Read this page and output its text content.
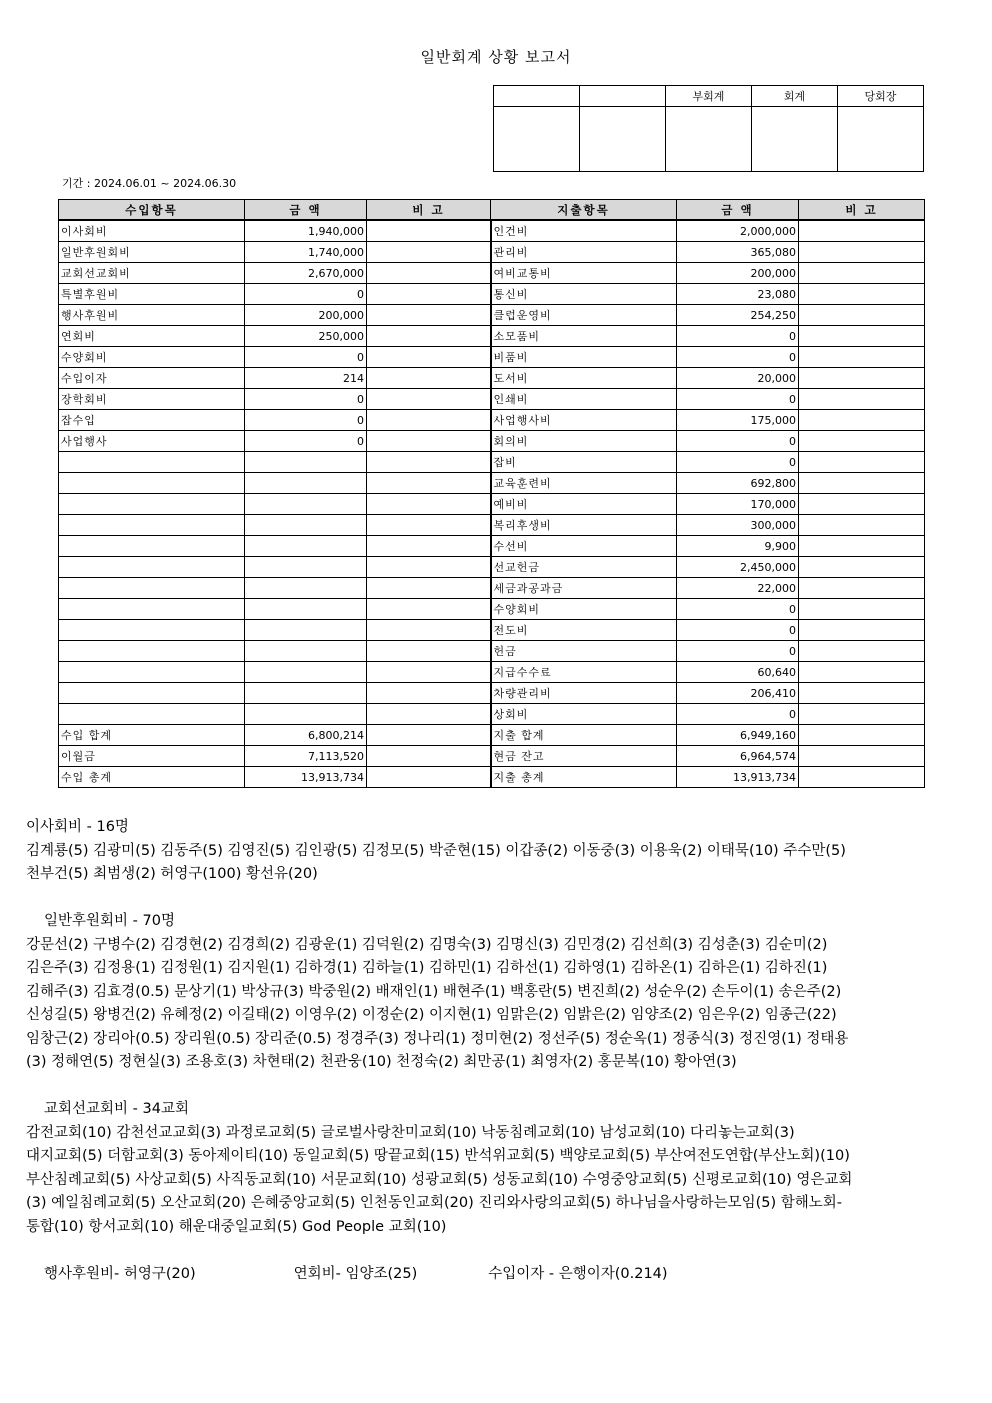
일반회계 상황 보고서
		부회계	회계	당회장

기간 : 2024.06.01 ~ 2024.06.30
수입항목	금 액	비 고	지출항목	금 액	비 고
이사회비	1,940,000		인건비	2,000,000	
일반후원회비	1,740,000		관리비	365,080	
교회선교회비	2,670,000		여비교통비	200,000	
특별후원비	0		통신비	23,080	
행사후원비	200,000		클럽운영비	254,250	
연회비	250,000		소모품비	0	
수양회비	0		비품비	0	
수입이자	214		도서비	20,000	
장학회비	0		인쇄비	0	
잡수입	0		사업행사비	175,000	
사업행사	0		회의비	0	
			잡비	0	
			교육훈련비	692,800	
			예비비	170,000	
			복리후생비	300,000	
			수선비	9,900	
			선교헌금	2,450,000	
			세금과공과금	22,000	
			수양회비	0	
			전도비	0	
			헌금	0	
			지급수수료	60,640	
			차량관리비	206,410	
			상회비	0	
수입 합계	6,800,214		지출 합계	6,949,160	
이월금	7,113,520		현금 잔고	6,964,574	
수입 총계	13,913,734		지출 총계	13,913,734	

이사회비 - 16명

김계룡(5) 김광미(5) 김동주(5) 김영진(5) 김인광(5) 김정모(5) 박준현(15) 이갑종(2) 이동중(3) 이용욱(2) 이태묵(10) 주수만(5)

천부건(5) 최범생(2) 허영구(100) 황선유(20)

일반후원회비 - 70명

강문선(2) 구병수(2) 김경현(2) 김경희(2) 김광운(1) 김덕원(2) 김명숙(3) 김명신(3) 김민경(2) 김선희(3) 김성춘(3) 김순미(2)

김은주(3) 김정용(1) 김정원(1) 김지원(1) 김하경(1) 김하늘(1) 김하민(1) 김하선(1) 김하영(1) 김하온(1) 김하은(1) 김하진(1)

김해주(3) 김효경(0.5) 문상기(1) 박상규(3) 박중원(2) 배재인(1) 배현주(1) 백홍란(5) 변진희(2) 성순우(2) 손두이(1) 송은주(2)

신성길(5) 왕병건(2) 유혜정(2) 이길태(2) 이영우(2) 이정순(2) 이지현(1) 임맑은(2) 임밝은(2) 임양조(2) 임은우(2) 임종근(22)

임창근(2) 장리아(0.5) 장리원(0.5) 장리준(0.5) 정경주(3) 정나리(1) 정미현(2) 정선주(5) 정순옥(1) 정종식(3) 정진영(1) 정태용

(3) 정해연(5) 정현실(3) 조용호(3) 차현태(2) 천관웅(10) 천정숙(2) 최만공(1) 최영자(2) 홍문복(10) 황아연(3)

교회선교회비 - 34교회

감전교회(10) 감천선교교회(3) 과정로교회(5) 글로벌사랑찬미교회(10) 낙동침례교회(10) 남성교회(10) 다리놓는교회(3)

대지교회(5) 더함교회(3) 동아제이티(10) 동일교회(5) 땅끝교회(15) 반석위교회(5) 백양로교회(5) 부산여전도연합(부산노회)(10)

부산침례교회(5) 사상교회(5) 사직동교회(10) 서문교회(10) 성광교회(5) 성동교회(10) 수영중앙교회(5) 신평로교회(10) 영은교회

(3) 예일침례교회(5) 오산교회(20) 은혜중앙교회(5) 인천동인교회(20) 진리와사랑의교회(5) 하나님을사랑하는모임(5) 함해노회-

통합(10) 항서교회(10) 해운대중일교회(5) God People 교회(10)

행사후원비- 허영구(20)	연회비- 임양조(25)	수입이자 - 은행이자(0.214)
